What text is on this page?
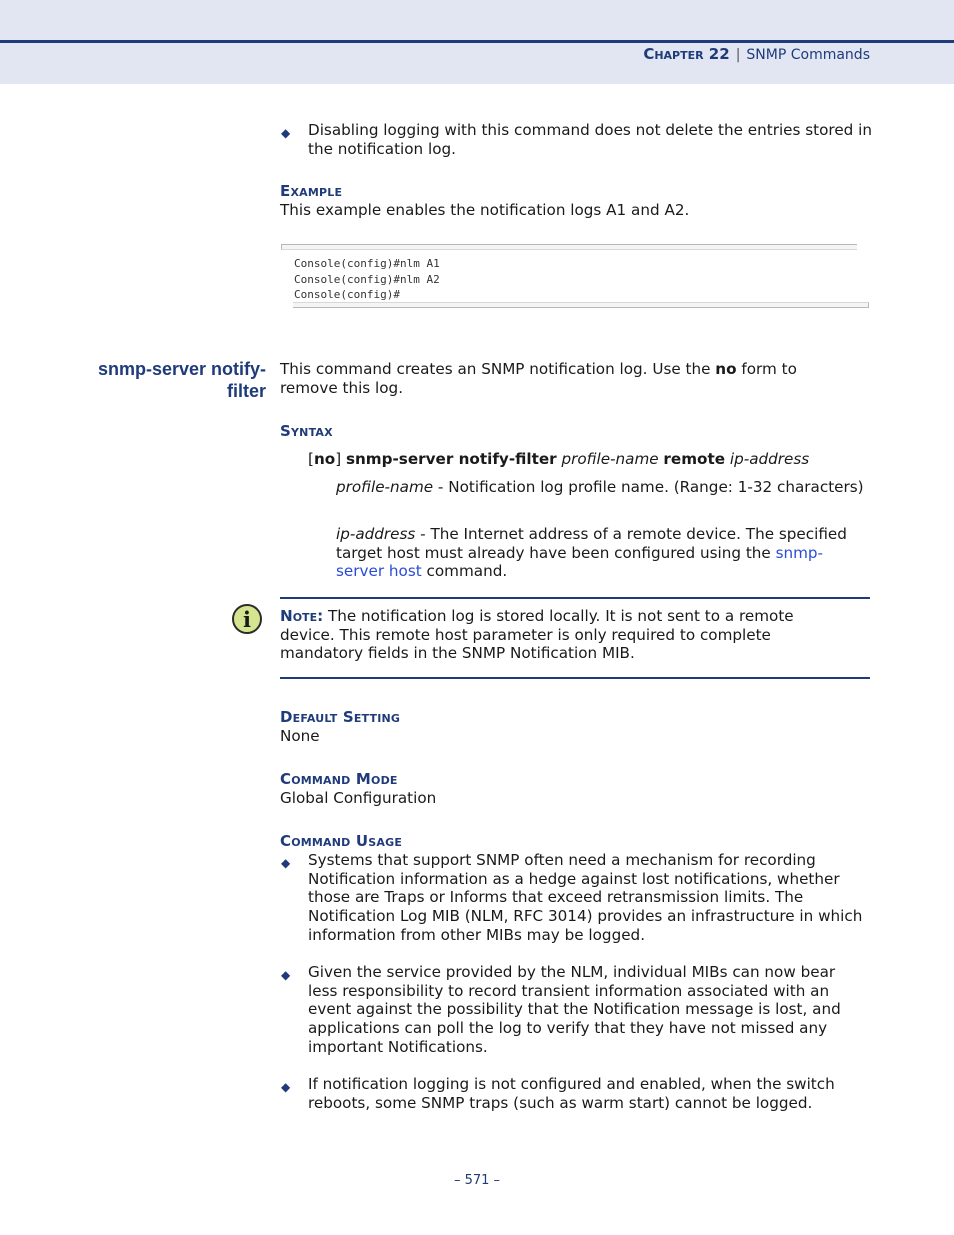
Chapter 22 | SNMP Commands
◆ Disabling logging with this command does not delete the entries stored in the notification log.
Example
This example enables the notification logs A1 and A2.
Console(config)#nlm A1
Console(config)#nlm A2
Console(config)#
snmp-server notify-
filter
This command creates an SNMP notification log. Use the no form to remove this log.
Syntax
[no] snmp-server notify-filter profile-name remote ip-address
profile-name - Notification log profile name. (Range: 1-32 characters)
ip-address - The Internet address of a remote device. The specified target host must already have been configured using the snmp-server host command.
i	Note: The notification log is stored locally. It is not sent to a remote device. This remote host parameter is only required to complete mandatory fields in the SNMP Notification MIB.
Default Setting
None
Command Mode
Global Configuration
Command Usage
◆ Systems that support SNMP often need a mechanism for recording Notification information as a hedge against lost notifications, whether those are Traps or Informs that exceed retransmission limits. The Notification Log MIB (NLM, RFC 3014) provides an infrastructure in which information from other MIBs may be logged.
◆ Given the service provided by the NLM, individual MIBs can now bear less responsibility to record transient information associated with an event against the possibility that the Notification message is lost, and applications can poll the log to verify that they have not missed any important Notifications.
◆ If notification logging is not configured and enabled, when the switch reboots, some SNMP traps (such as warm start) cannot be logged.
– 571 –
